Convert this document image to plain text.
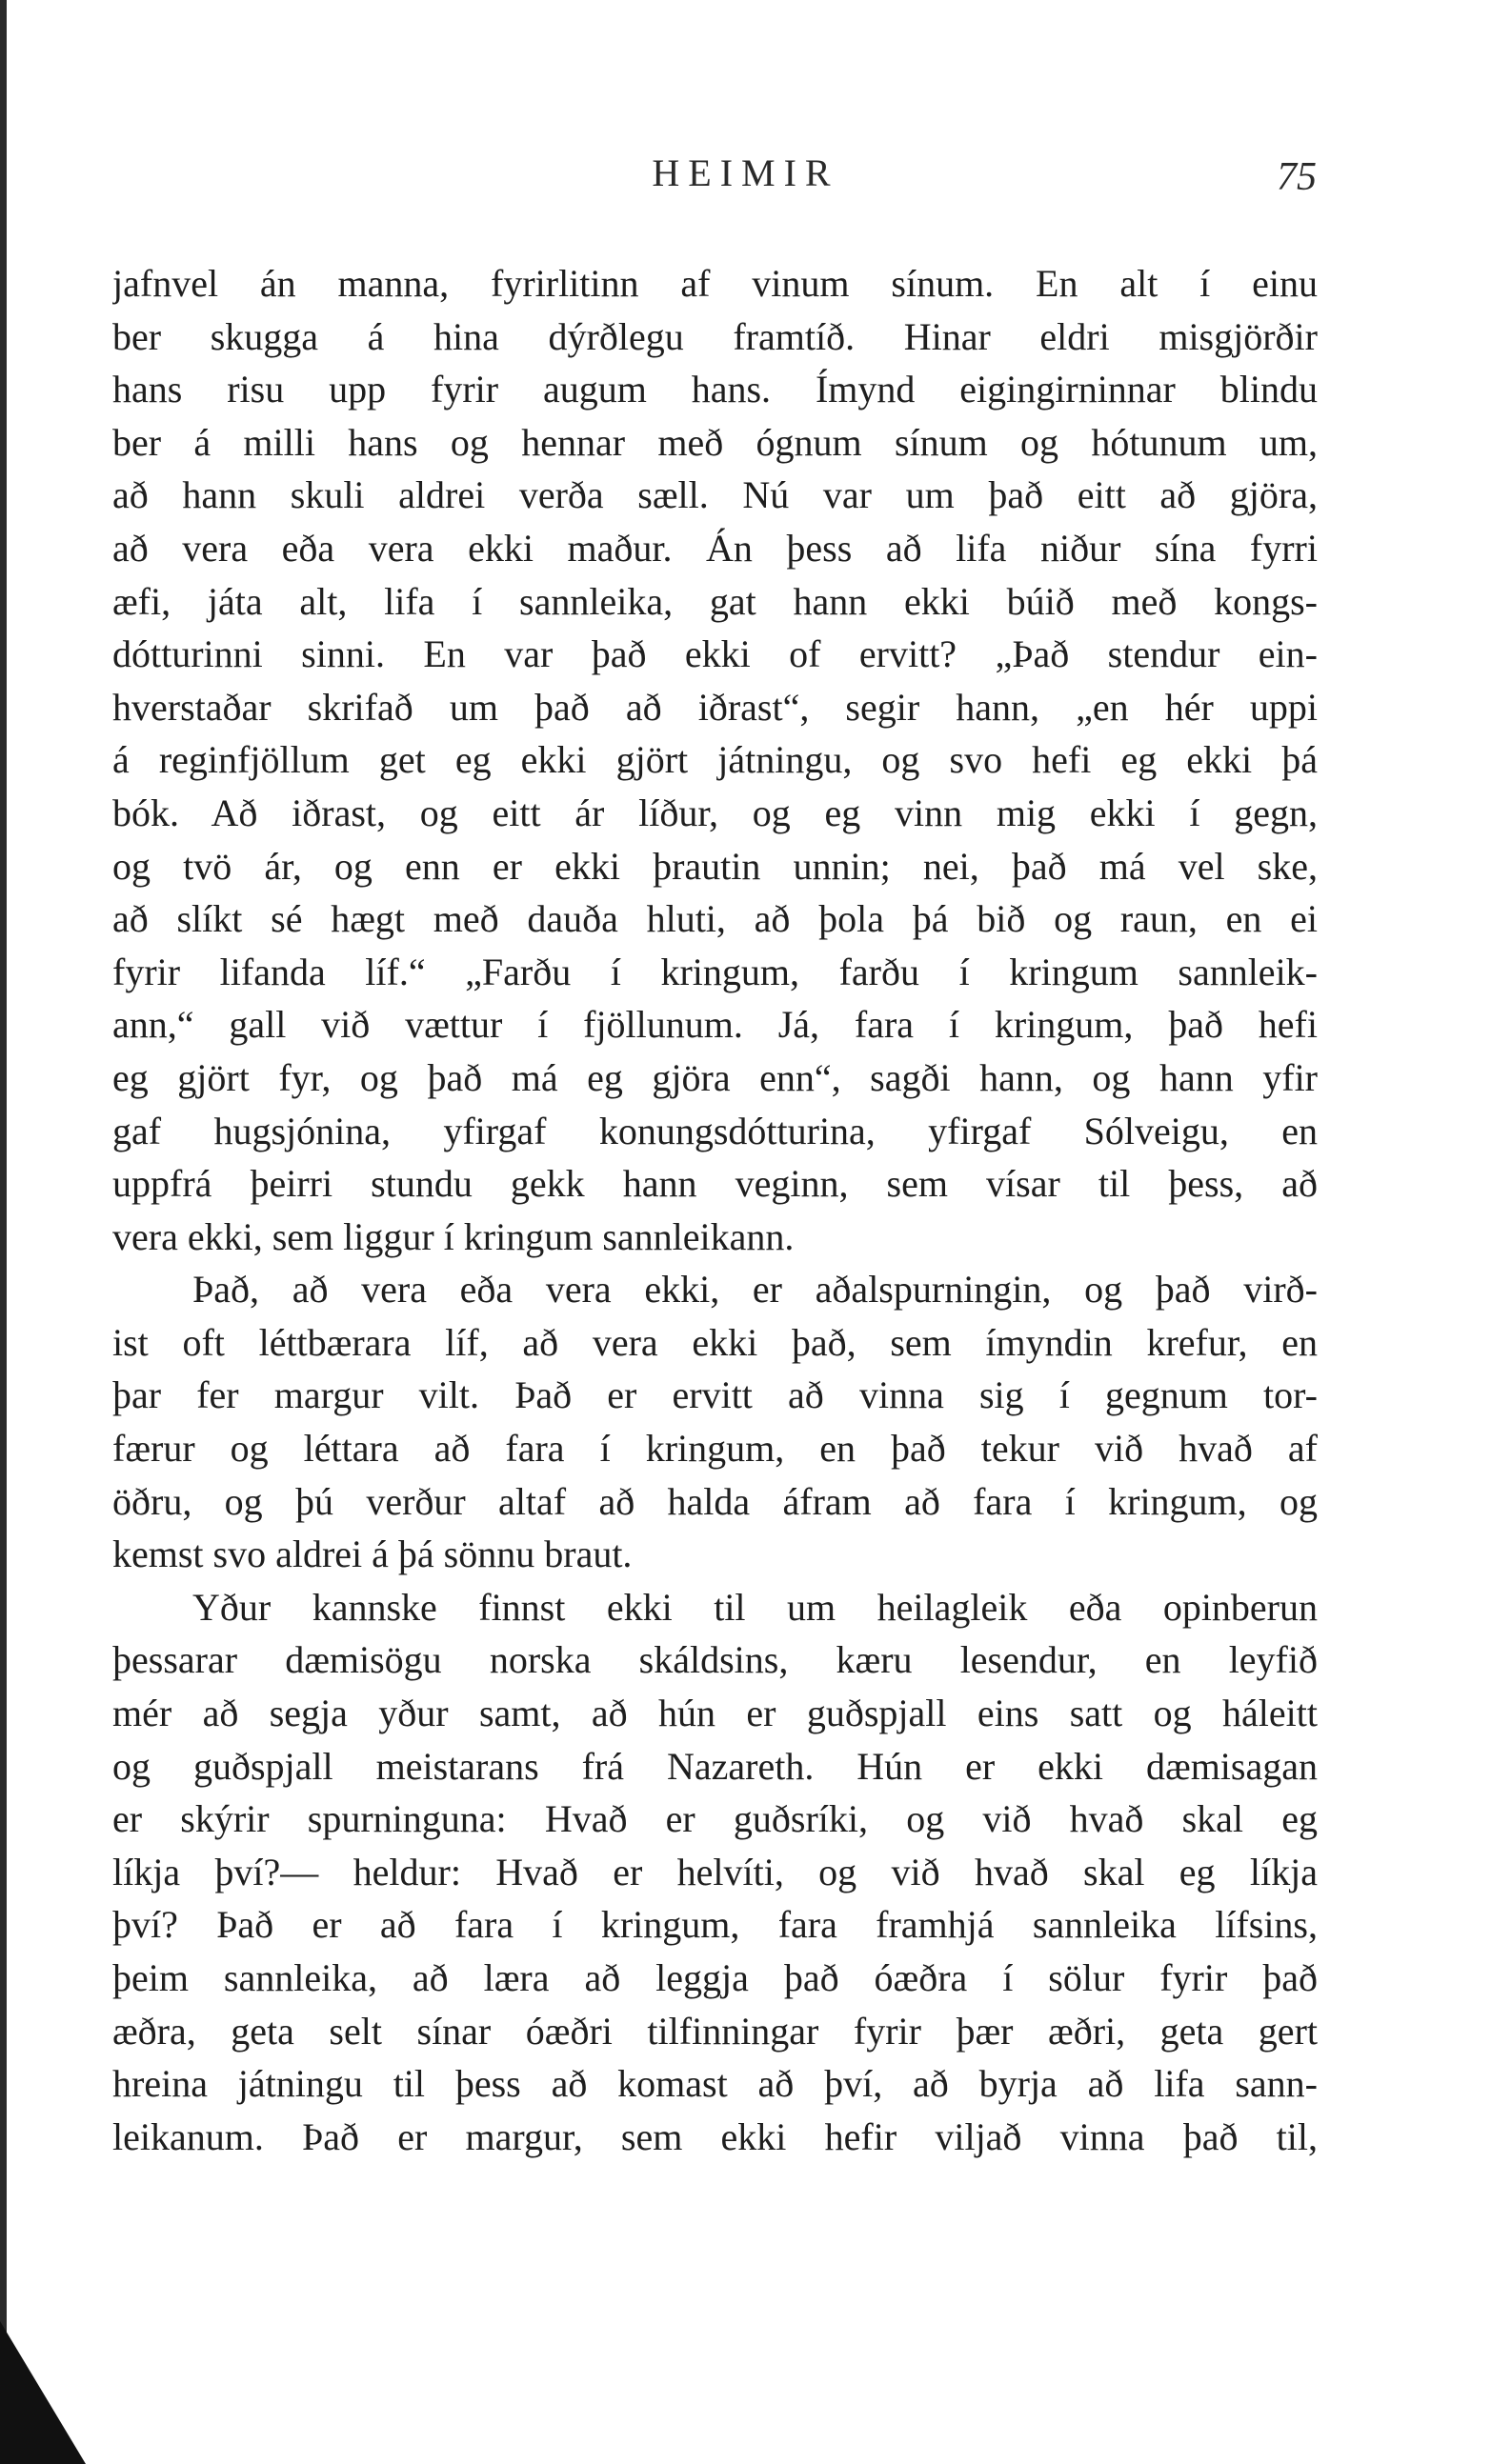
HEIMIR	75
jafnvel án manna, fyrirlitinn af vinum sínum. En alt í einu
ber skugga á hina dýrðlegu framtíð. Hinar eldri misgjörðir
hans risu upp fyrir augum hans. Ímynd eigingirninnar blindu
ber á milli hans og hennar með ógnum sínum og hótunum um,
að hann skuli aldrei verða sæll. Nú var um það eitt að gjöra,
að vera eða vera ekki maður. Án þess að lifa niður sína fyrri
æfi, játa alt, lifa í sannleika, gat hann ekki búið með kongs-
dótturinni sinni. En var það ekki of ervitt? „Það stendur ein-
hverstaðar skrifað um það að iðrast“, segir hann, „en hér uppi
á reginfjöllum get eg ekki gjört játningu, og svo hefi eg ekki þá
bók. Að iðrast, og eitt ár líður, og eg vinn mig ekki í gegn,
og tvö ár, og enn er ekki þrautin unnin; nei, það má vel ske,
að slíkt sé hægt með dauða hluti, að þola þá bið og raun, en ei
fyrir lifanda líf.“ „Farðu í kringum, farðu í kringum sannleik-
ann,“ gall við vættur í fjöllunum. Já, fara í kringum, það hefi
eg gjört fyr, og það má eg gjöra enn“, sagði hann, og hann yfir
gaf hugsjónina, yfirgaf konungsdótturina, yfirgaf Sólveigu, en
uppfrá þeirri stundu gekk hann veginn, sem vísar til þess, að
vera ekki, sem liggur í kringum sannleikann.
Það, að vera eða vera ekki, er aðalspurningin, og það virð-
ist oft léttbærara líf, að vera ekki það, sem ímyndin krefur, en
þar fer margur vilt. Það er ervitt að vinna sig í gegnum tor-
færur og léttara að fara í kringum, en það tekur við hvað af
öðru, og þú verður altaf að halda áfram að fara í kringum, og
kemst svo aldrei á þá sönnu braut.
Yður kannske finnst ekki til um heilagleik eða opinberun
þessarar dæmisögu norska skáldsins, kæru lesendur, en leyfið
mér að segja yður samt, að hún er guðspjall eins satt og háleitt
og guðspjall meistarans frá Nazareth. Hún er ekki dæmisagan
er skýrir spurninguna: Hvað er guðsríki, og við hvað skal eg
líkja því?— heldur: Hvað er helvíti, og við hvað skal eg líkja
því? Það er að fara í kringum, fara framhjá sannleika lífsins,
þeim sannleika, að læra að leggja það óæðra í sölur fyrir það
æðra, geta selt sínar óæðri tilfinningar fyrir þær æðri, geta gert
hreina játningu til þess að komast að því, að byrja að lifa sann-
leikanum. Það er margur, sem ekki hefir viljað vinna það til,
